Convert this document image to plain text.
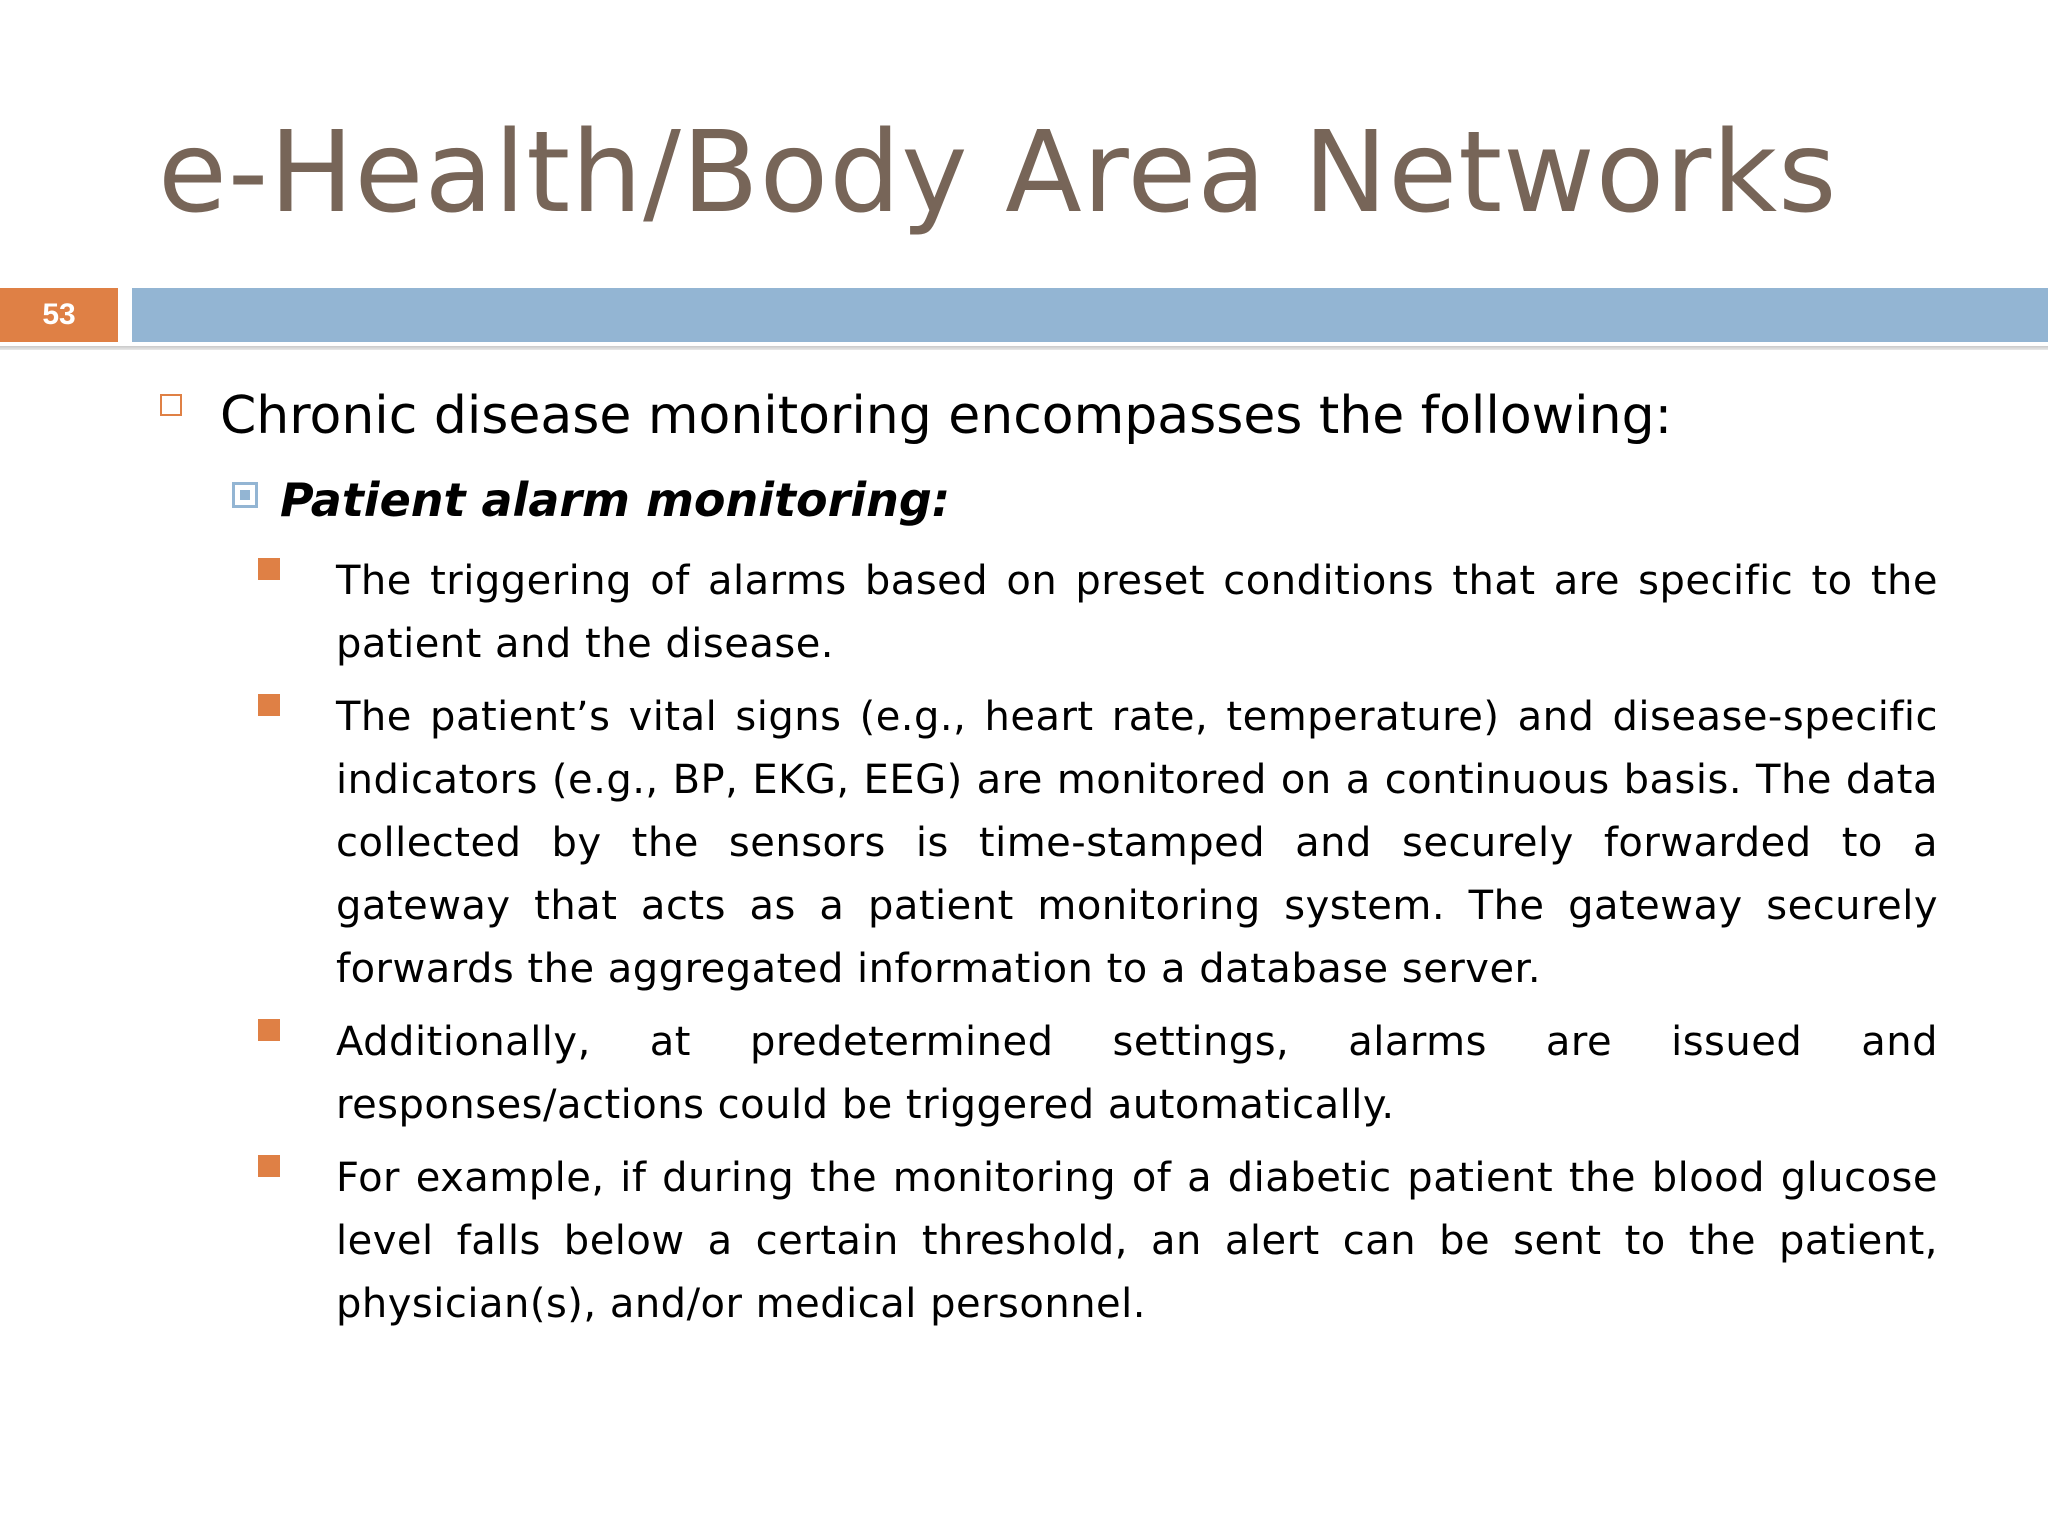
e-Health/Body Area Networks
53
Chronic disease monitoring encompasses the following:
Patient alarm monitoring:
The triggering of alarms based on preset conditions that are specific to the patient and the disease.
The patient’s vital signs (e.g., heart rate, temperature) and disease-specific indicators (e.g., BP, EKG, EEG) are monitored on a continuous basis. The data collected by the sensors is time-stamped and securely forwarded to a gateway that acts as a patient monitoring system. The gateway securely forwards the aggregated information to a database server.
Additionally, at predetermined settings, alarms are issued and responses/actions could be triggered automatically.
For example, if during the monitoring of a diabetic patient the blood glucose level falls below a certain threshold, an alert can be sent to the patient, physician(s), and/or medical personnel.
